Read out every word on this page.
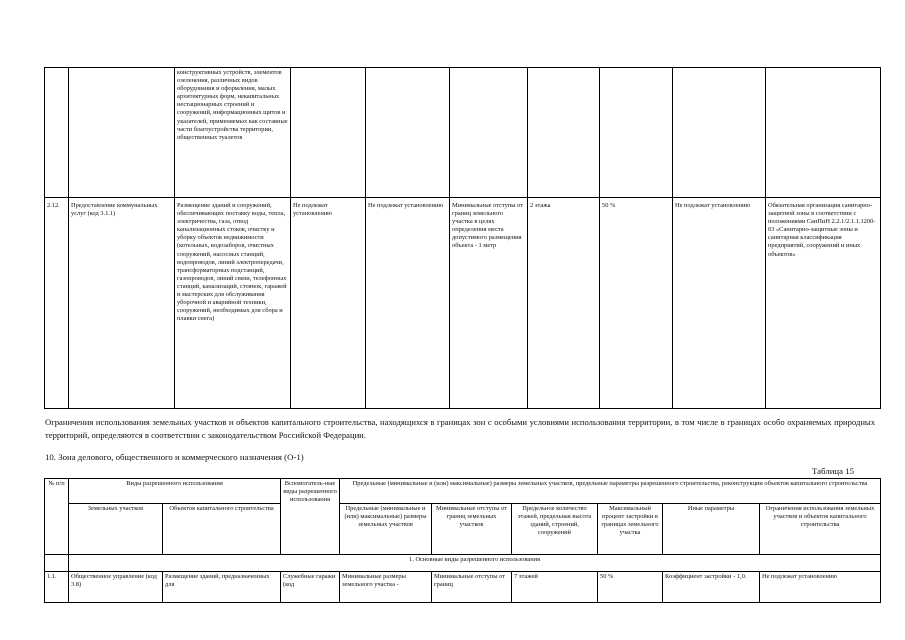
		конструктивных устройств, элементов озеленения, различных видов оборудования и оформления, малых архитектурных форм, некапитальных нестационарных строений и сооружений, информационных щитов и указателей, применяемых как составные части благоустройства территории, общественных туалетов							
2.12.	Предоставление коммунальных услуг (код 3.1.1)	Размещение зданий и сооружений, обеспечивающих поставку воды, тепла, электричества, газа, отвод канализационных стоков, очистку и уборку объектов недвижимости (котельных, водозаборов, очистных сооружений, насосных станций, водопроводов, линий электропередачи, трансформаторных подстанций, газопроводов, линий связи, телефонных станций, канализаций, стоянок, гаражей и мастерских для обслуживания уборочной и аварийной техники, сооружений, необходимых для сбора и плавки снега)	Не подлежат установлению	Не подлежат установлению	Минимальные отступы от границ земельного участка в целях определения места допустимого размещения объекта - 1 метр	2 этажа	50 %	Не подлежат установлению	Обязательная организация санитарно-защитной зоны в соответствии с положениями СанПиН 2.2.1/2.1.1.1200-03 «Санитарно-защитные зоны и санитарная классификация предприятий, сооружений и иных объектов»
Ограничения использования земельных участков и объектов капитального строительства, находящихся в границах зон с особыми условиями использования территории, в том числе в границах особо охраняемых природных территорий, определяются в соответствии с законодательством Российской Федерации.
10. Зона делового, общественного и коммерческого назначения (О-1)
Таблица 15
№ п/п	Виды разрешенного использования		Вспомогатель-ные виды разрешенного использования	Предельные (минимальные и (или) максимальные) размеры земельных участков, предельные параметры разрешенного строительства, реконструкции объектов капитального строительства					
	Земельных участков	Объектов капитального строительства		Предельные (минимальные и (или) максимальные) размеры земельных участков	Минимальные отступы от границ земельных участков	Предельное количество этажей, предельная высота зданий, строений, сооружений	Максимальный процент застройки в границах земельного участка	Иные параметры	Ограничения использования земельных участков и объектов капитального строительства
	1. Основные виды разрешенного использования								
1.1.	Общественное управление (код 3.8)	Размещение зданий, предназначенных для	Служебные гаражи (код	Минимальные размеры земельного участка -	Минимальные отступы от границ	7 этажей	50 %	Коэффициент застройки - 1,0.	Не подлежат установлению
